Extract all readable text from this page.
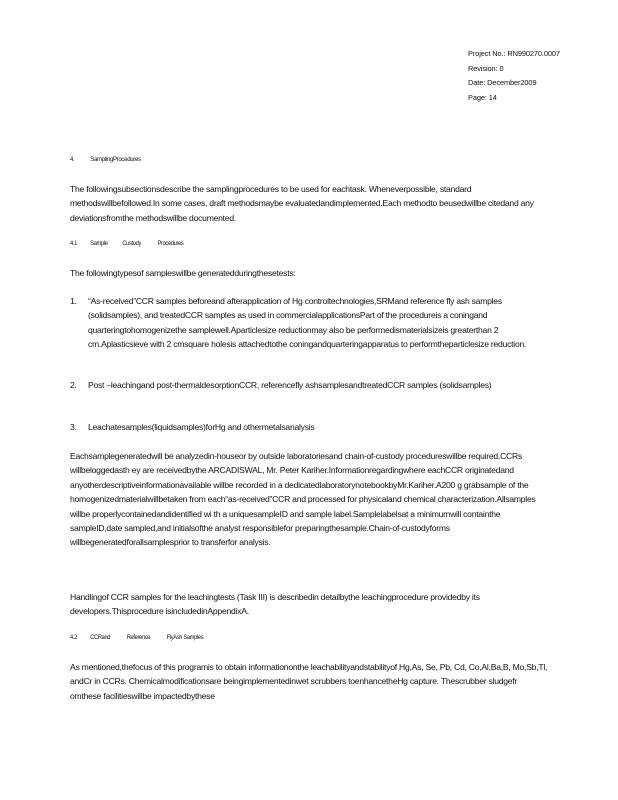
Project No.: RN990270.0007
Revision: 0
Date: December2009
Page: 14
4. SamplingProcedures
The followingsubsectionsdescribe the samplingprocedures to be used for eachtask. Wheneverpossible, standard methodswillbefollowed.In some cases, draft methodsmaybe evaluatedandimplemented.Each methodto beusedwillbe citedand any deviationsfromthe methodswillbe documented.
4.1 Sample Custody	Procedures
The followingtypesof sampleswillbe generatedduringthesetests:
1. “As-received”CCR samples beforeand afterapplication of Hg controltechnologies,SRMand reference fly ash samples (solidsamples), and treatedCCR samples as used in commercialapplicationsPart of the procedureis a coningand quarteringtohomogenizethe samplewell.Aparticlesize reductionmay also be performedismaterialsizeis greaterthan 2 cm.Aplasticsieve with 2 cmsquare holesis attachedtothe coningandquarteringapparatus to performtheparticlesize reduction.
2. Post –leachingand post-thermaldesorptionCCR, referencefly ashsamplesandtreatedCCR samples (solidsamples)
3. Leachatesamples(liquidsamples)forHg and othermetalsanalysis
Eachsamplegeneratedwill be analyzedin-houseor by outside laboratoriesand chain-of-custody procedureswillbe required.CCRs willbeloggedasth ey are receivedbythe ARCADISWAL, Mr. Peter Kariher.Informationregardingwhere eachCCR originatedand anyotherdescriptiveinformationavailable willbe recorded in a dedicatedlaboratorynotebookbyMr.Kariher.A200 g grabsample of the homogenizedmaterialwillbetaken from each“as-received”CCR and processed for physicaland chemical characterization.Allsamples willbe properlycontainedandidentified wi th a uniquesampleID and sample label.Samplelabelsat a minimumwill containthe sampleID,date sampled,and initialsofthe analyst responsiblefor preparingthesample.Chain-of-custodyforms willbegeneratedforallsamplesprior to transferfor analysis.
Handlingof CCR samples for the leachingtests (Task III) is describedin detailbythe leachingprocedure providedby its developers.Thisprocedure isincludedinAppendixA.
4.2 CCRand	Reference	FlyAsh Samples
As mentioned,thefocus of this programis to obtain informationonthe leachabilityandstabilityof Hg,As, Se, Pb, Cd, Co,Al,Ba,B, Mo,Sb,Tl, andCr in CCRs. Chemicalmodificationsare beingimplementedinwet scrubbers toenhancetheHg capture. Thescrubber sludgefr omthese facilitieswillbe impactedbythese
